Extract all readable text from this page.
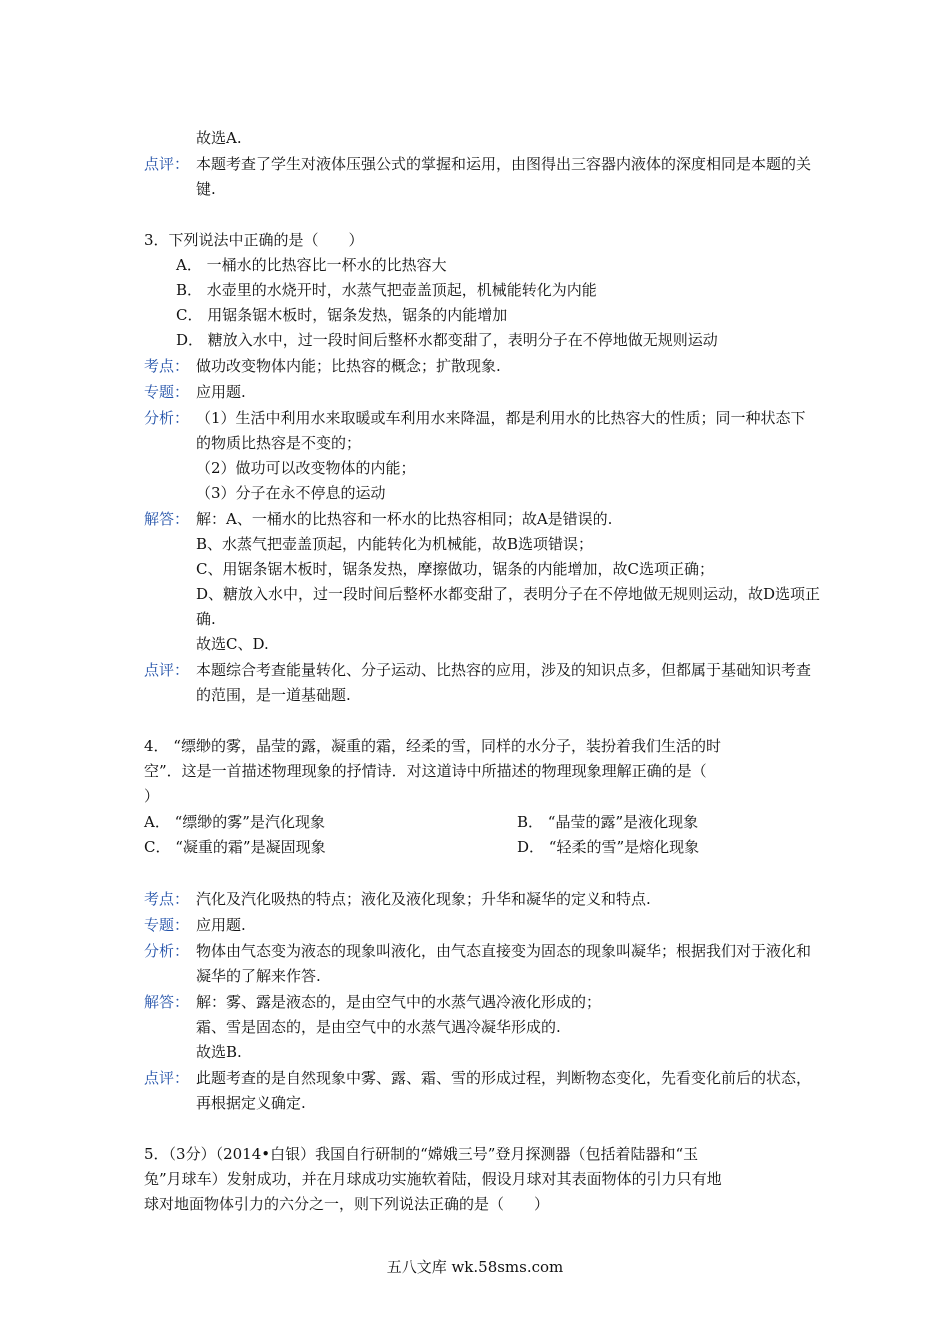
故选A.
点评： 本题考查了学生对液体压强公式的掌握和运用，由图得出三容器内液体的深度相同是本题的关
键.
3．下列说法中正确的是（　　）
A． 一桶水的比热容比一杯水的比热容大
B． 水壶里的水烧开时，水蒸气把壶盖顶起，机械能转化为内能
C． 用锯条锯木板时，锯条发热，锯条的内能增加
D． 糖放入水中，过一段时间后整杯水都变甜了，表明分子在不停地做无规则运动
考点： 做功改变物体内能；比热容的概念；扩散现象.
专题： 应用题.
分析： （1）生活中利用水来取暖或车利用水来降温，都是利用水的比热容大的性质；同一种状态下
的物质比热容是不变的；
（2）做功可以改变物体的内能；
（3）分子在永不停息的运动
解答： 解：A、一桶水的比热容和一杯水的比热容相同；故A是错误的.
B、水蒸气把壶盖顶起，内能转化为机械能，故B选项错误；
C、用锯条锯木板时，锯条发热，摩擦做功，锯条的内能增加，故C选项正确；
D、糖放入水中，过一段时间后整杯水都变甜了，表明分子在不停地做无规则运动，故D选项正
确.
故选C、D.
点评： 本题综合考查能量转化、分子运动、比热容的应用，涉及的知识点多，但都属于基础知识考查
的范围，是一道基础题.
4． “缥缈的雾，晶莹的露，凝重的霜，经柔的雪，同样的水分子，装扮着我们生活的时
空”．这是一首描述物理现象的抒情诗．对这道诗中所描述的物理现象理解正确的是（
）
A． “缥缈的雾”是汽化现象	B． “晶莹的露”是液化现象
C． “凝重的霜”是凝固现象	D． “轻柔的雪”是熔化现象
考点： 汽化及汽化吸热的特点；液化及液化现象；升华和凝华的定义和特点.
专题： 应用题.
分析： 物体由气态变为液态的现象叫液化，由气态直接变为固态的现象叫凝华；根据我们对于液化和
凝华的了解来作答.
解答： 解：雾、露是液态的，是由空气中的水蒸气遇冷液化形成的；
霜、雪是固态的，是由空气中的水蒸气遇冷凝华形成的.
故选B.
点评： 此题考查的是自然现象中雾、露、霜、雪的形成过程，判断物态变化，先看变化前后的状态，
再根据定义确定.
5．（3分）（2014•白银）我国自行研制的“嫦娥三号”登月探测器（包括着陆器和“玉
兔”月球车）发射成功，并在月球成功实施软着陆，假设月球对其表面物体的引力只有地
球对地面物体引力的六分之一，则下列说法正确的是（　　）
五八文库 wk.58sms.com
